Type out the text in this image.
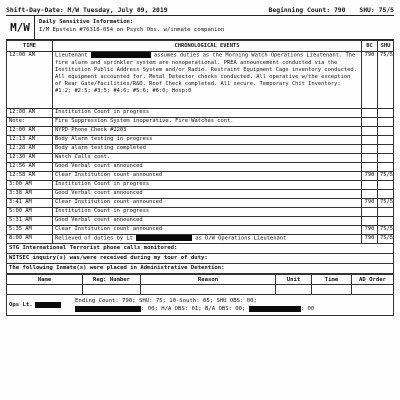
Shift-Day-Date: M/W Tuesday, July 09, 2019	Beginning Count: 790 SHU: 75/5
M/W	Daily Sensitive Information:
I/M Epstein #76318-054 on Psych Obs. w/inmate companion
TIME	CHRONOLOGICAL EVENTS	BC	SHU
12:00 AM	Lieutenant assumes duties as the Morning Watch Operations Lieutenant. The fire alarm and sprinkler system are nonoperational. PREA announcement conducted via the Institution Public Address System and/or Radio. Restraint Equipment Cage inventory conducted. All equipment accounted for. Metal Detector checks conducted. All operative w/the exception of Rear Gate/Facilities/R&D. Roof Check completed. All secure. Temporary Chit Inventory: #1:2; #2:5; #3:5; #4:6; #5:6; #6:0; Hosp:0	790	75/5
12:00 AM	Institution Count in progress		
Note:	Fire Suppression System inoperative. Fire Watches cont.		
12:00 AM	NYPD Phone Check #2203		
12:13 AM	Body Alarm testing in progress		
12:28 AM	Body alarm testing completed		
12:30 AM	Watch Calls cont.		
12:56 AM	Good Verbal count announced		
12:58 AM	Clear Institution count announced	790	75/5
3:00 AM	Institution Count in progress		
3:38 AM	Good Verbal count announced		
3:41 AM	Clear Institution count announced	790	75/5
5:00 AM	Institution Count in progress		
5:31 AM	Good Verbal count announced		
5:35 AM	Clear Institution count announced	790	75/5
8:00 AM	Relieved of duties by Lt as D/W Operations Lieutenant	790	75/5
STG International Terrorist phone calls monitored:
WITSEC inquiry(s) was/were received during my tour of duty:
The following Inmate(s) were placed in Administrative Detention:
Name	Reg: Number	Reason	Unit	Time	AD Order

Ops Lt.
Ending Count: 790; SHU: 75; 10-South: 05; SHU OBS: 00;
: 00; H/A OBS: 01; B/A OBS: 00;	: 00
